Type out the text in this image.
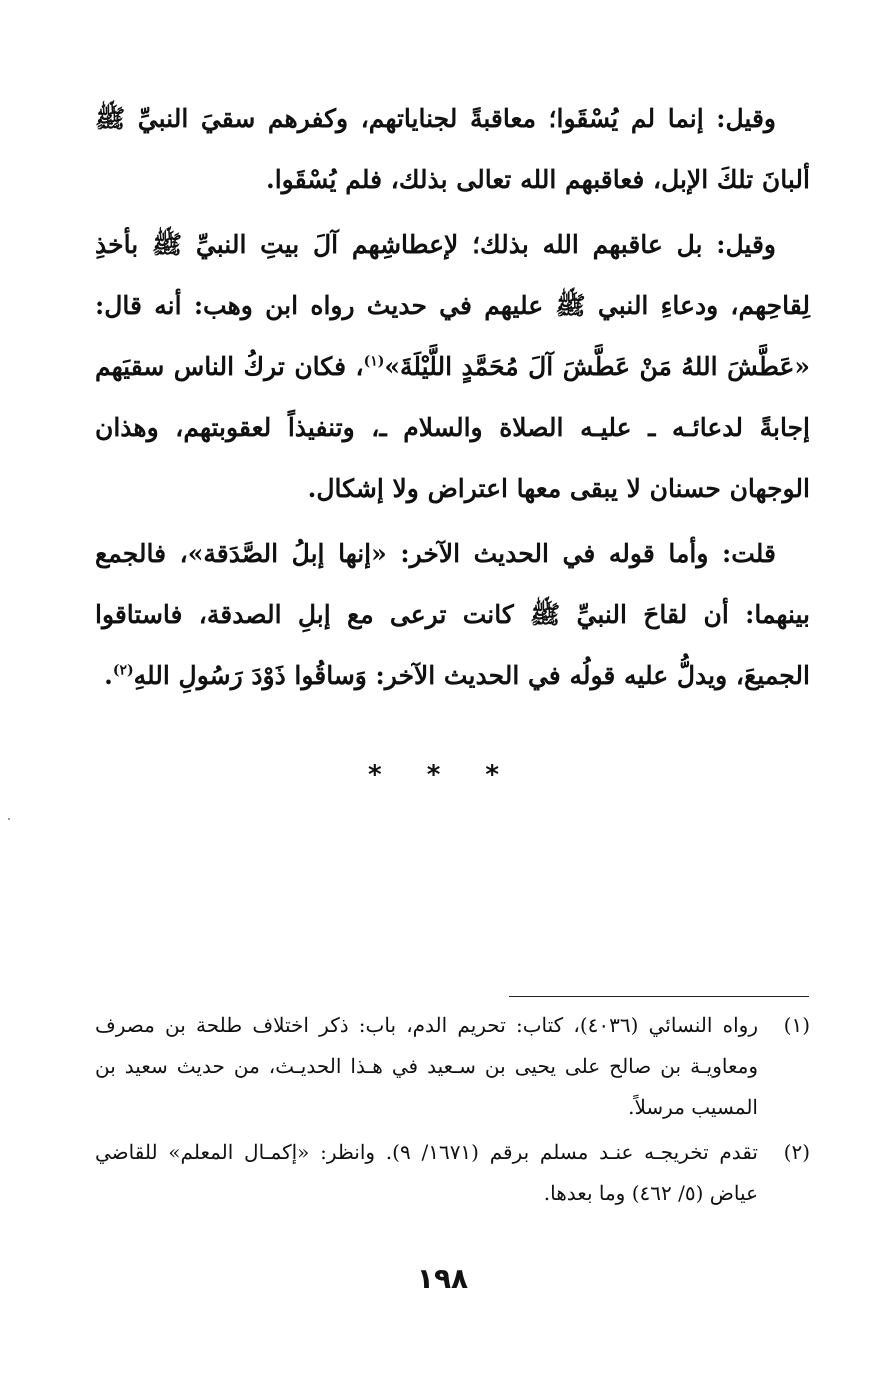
وقيل: إنما لم يُسْقَوا؛ معاقبةً لجناياتهم، وكفرهم سقيَ النبيِّ ﷺ ألبانَ تلكَ الإبل، فعاقبهم الله تعالى بذلك، فلم يُسْقَوا.

وقيل: بل عاقبهم الله بذلك؛ لإعطاشِهم آلَ بيتِ النبيِّ ﷺ بأخذِ لِقاحِهم، ودعاءِ النبي ﷺ عليهم في حديث رواه ابن وهب: أنه قال: «عَطَّشَ اللهُ مَنْ عَطَّشَ آلَ مُحَمَّدٍ اللَّيْلَةَ»$^{(١)}$، فكان تركُ الناس سقيَهم إجابةً لدعائـه ـ عليـه الصلاة والسلام ـ، وتنفيذاً لعقوبتهم، وهذان الوجهان حسنان لا يبقى معها اعتراض ولا إشكال.

قلت: وأما قوله في الحديث الآخر: «إنها إبلُ الصَّدَقة»، فالجمع بينهما: أن لقاحَ النبيِّ ﷺ كانت ترعى مع إبلِ الصدقة، فاستاقوا الجميعَ، ويدلُّ عليه قولُه في الحديث الآخر: وَساقُوا ذَوْدَ رَسُولِ اللهِ$^{(٢)}$.

* * *
(١)
رواه النسائي (٤٠٣٦)، كتاب: تحريم الدم، باب: ذكر اختلاف طلحة بن مصرف ومعاويـة بن صالح على يحيى بن سـعيد في هـذا الحديـث، من حديث سعيد بن المسيب مرسلاً.
(٢)
تقدم تخريجـه عنـد مسلم برقم (١٦٧١/ ٩). وانظر: «إكمـال المعلم» للقاضي عياض (٥/ ٤٦٢) وما بعدها.
١٩٨
